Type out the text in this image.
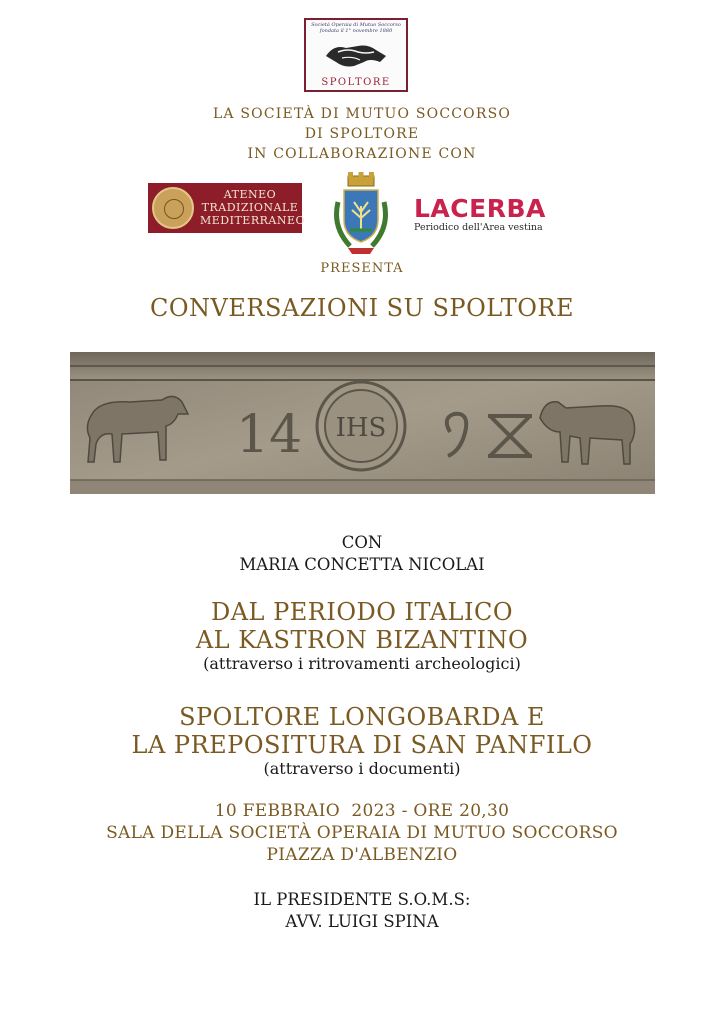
Società Operaia di Mutuo Soccorso
fondata il 1° novembre 1880
SPOLTORE
LA SOCIETÀ DI MUTUO SOCCORSO
DI SPOLTORE
IN COLLABORAZIONE CON
ATENEO
TRADIZIONALE
MEDITERRANEO	LACERBA
Periodico dell'Area vestina
PRESENTA
CONVERSAZIONI SU SPOLTORE
14 IHS
CON
MARIA CONCETTA NICOLAI
DAL PERIODO ITALICO
AL KASTRON BIZANTINO
(attraverso i ritrovamenti archeologici)
SPOLTORE LONGOBARDA E
LA PREPOSITURA DI SAN PANFILO
(attraverso i documenti)
10 FEBBRAIO  2023 - ORE 20,30
SALA DELLA SOCIETÀ OPERAIA DI MUTUO SOCCORSO
PIAZZA D'ALBENZIO
IL PRESIDENTE S.O.M.S:
AVV. LUIGI SPINA
